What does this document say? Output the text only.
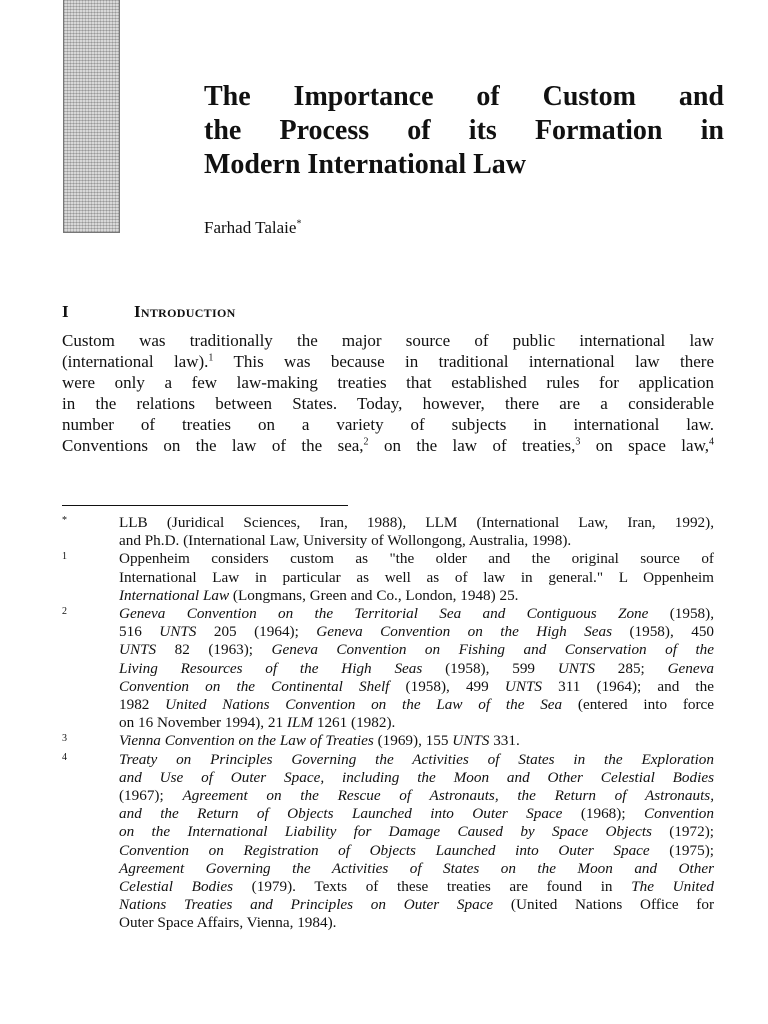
The Importance of Custom and
the Process of its Formation in
Modern International Law
Farhad Talaie*
I	Introduction
Custom was traditionally the major source of public international law
(international law).$^1$ This was because in traditional international law there
were only a few law-making treaties that established rules for application
in the relations between States. Today, however, there are a considerable
number of treaties on a variety of subjects in international law.
Conventions on the law of the sea,$^2$ on the law of treaties,$^3$ on space law,$^4$
*	LLB (Juridical Sciences, Iran, 1988), LLM (International Law, Iran, 1992),
and Ph.D. (International Law, University of Wollongong, Australia, 1998).
1	Oppenheim considers custom as "the older and the original source of
International Law in particular as well as of law in general." L Oppenheim
International Law (Longmans, Green and Co., London, 1948) 25.
2	Geneva Convention on the Territorial Sea and Contiguous Zone (1958),
516 UNTS 205 (1964); Geneva Convention on the High Seas (1958), 450
UNTS 82 (1963); Geneva Convention on Fishing and Conservation of the
Living Resources of the High Seas (1958), 599 UNTS 285; Geneva
Convention on the Continental Shelf (1958), 499 UNTS 311 (1964); and the
1982 United Nations Convention on the Law of the Sea (entered into force
on 16 November 1994), 21 ILM 1261 (1982).
3	Vienna Convention on the Law of Treaties (1969), 155 UNTS 331.
4	Treaty on Principles Governing the Activities of States in the Exploration
and Use of Outer Space, including the Moon and Other Celestial Bodies
(1967); Agreement on the Rescue of Astronauts, the Return of Astronauts,
and the Return of Objects Launched into Outer Space (1968); Convention
on the International Liability for Damage Caused by Space Objects (1972);
Convention on Registration of Objects Launched into Outer Space (1975);
Agreement Governing the Activities of States on the Moon and Other
Celestial Bodies (1979). Texts of these treaties are found in The United
Nations Treaties and Principles on Outer Space (United Nations Office for
Outer Space Affairs, Vienna, 1984).
